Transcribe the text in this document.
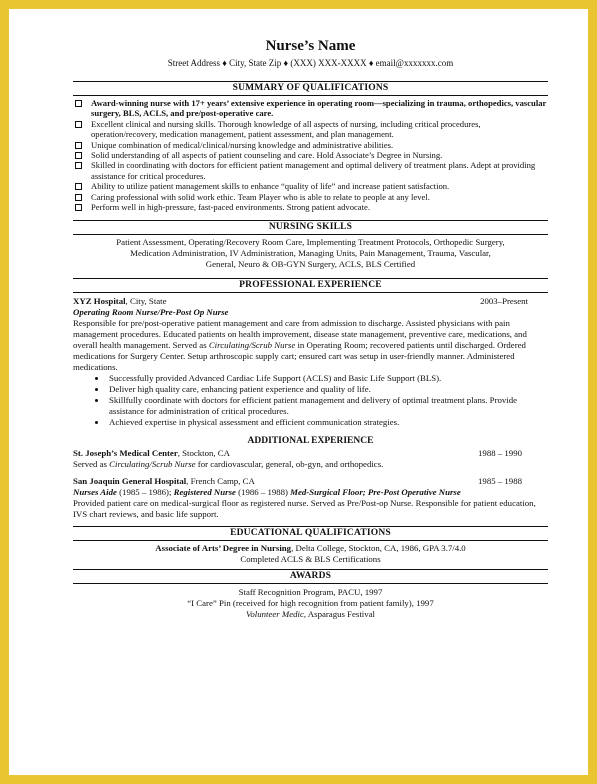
Nurse’s Name
Street Address ♦ City, State Zip ♦ (XXX) XXX-XXXX ♦ email@xxxxxxx.com
SUMMARY OF QUALIFICATIONS
Award-winning nurse with 17+ years’ extensive experience in operating room—specializing in trauma, orthopedics, vascular surgery, BLS, ACLS, and pre/post-operative care.
Excellent clinical and nursing skills. Thorough knowledge of all aspects of nursing, including critical procedures, operation/recovery, medication management, patient assessment, and plan management.
Unique combination of medical/clinical/nursing knowledge and administrative abilities.
Solid understanding of all aspects of patient counseling and care. Hold Associate’s Degree in Nursing.
Skilled in coordinating with doctors for efficient patient management and optimal delivery of treatment plans. Adept at providing assistance for critical procedures.
Ability to utilize patient management skills to enhance “quality of life” and increase patient satisfaction.
Caring professional with solid work ethic. Team Player who is able to relate to people at any level.
Perform well in high-pressure, fast-paced environments. Strong patient advocate.
NURSING SKILLS
Patient Assessment, Operating/Recovery Room Care, Implementing Treatment Protocols, Orthopedic Surgery,
Medication Administration, IV Administration, Managing Units, Pain Management, Trauma, Vascular,
General, Neuro & OB-GYN Surgery, ACLS, BLS Certified
PROFESSIONAL EXPERIENCE
XYZ Hospital, City, State	2003–Present
Operating Room Nurse/Pre-Post Op Nurse
Responsible for pre/post-operative patient management and care from admission to discharge. Assisted physicians with pain management procedures. Educated patients on health improvement, disease state management, preventive care, medications, and overall health management. Served as Circulating/Scrub Nurse in Operating Room; recovered patients until discharged. Ordered medications for Surgery Center. Setup arthroscopic supply cart; ensured cart was setup in user-friendly manner. Administered medications.
Successfully provided Advanced Cardiac Life Support (ACLS) and Basic Life Support (BLS).
Deliver high quality care, enhancing patient experience and quality of life.
Skillfully coordinate with doctors for efficient patient management and delivery of optimal treatment plans. Provide assistance for administration of critical procedures.
Achieved expertise in physical assessment and efficient communication strategies.
ADDITIONAL EXPERIENCE
St. Joseph’s Medical Center, Stockton, CA	1988 – 1990
Served as Circulating/Scrub Nurse for cardiovascular, general, ob-gyn, and orthopedics.
San Joaquin General Hospital, French Camp, CA	1985 – 1988
Nurses Aide (1985 – 1986); Registered Nurse (1986 – 1988) Med-Surgical Floor; Pre-Post Operative Nurse
Provided patient care on medical-surgical floor as registered nurse. Served as Pre/Post-op Nurse. Responsible for patient education, IVS chart reviews, and basic life support.
EDUCATIONAL QUALIFICATIONS
Associate of Arts’ Degree in Nursing, Delta College, Stockton, CA, 1986, GPA 3.7/4.0
Completed ACLS & BLS Certifications
AWARDS
Staff Recognition Program, PACU, 1997
“I Care” Pin (received for high recognition from patient family), 1997
Volunteer Medic, Asparagus Festival
